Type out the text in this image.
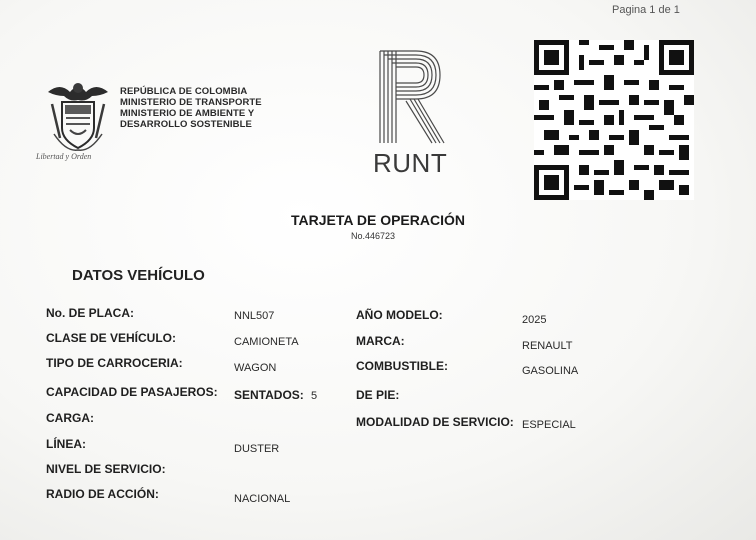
Pagina 1 de 1
Libertad y Orden
REPÚBLICA DE COLOMBIA
MINISTERIO DE TRANSPORTE
MINISTERIO DE AMBIENTE Y
DESARROLLO SOSTENIBLE
RUNT
TARJETA DE OPERACIÓN
No.446723
DATOS VEHÍCULO
No. DE PLACA:	NNL507
CLASE DE VEHÍCULO:	CAMIONETA
TIPO DE CARROCERIA:	WAGON
CAPACIDAD DE PASAJEROS: SENTADOS: 5
CARGA:
LÍNEA:	DUSTER
NIVEL DE SERVICIO:
RADIO DE ACCIÓN:	NACIONAL
AÑO MODELO:	2025
MARCA:	RENAULT
COMBUSTIBLE:	GASOLINA
DE PIE:
MODALIDAD DE SERVICIO: ESPECIAL
